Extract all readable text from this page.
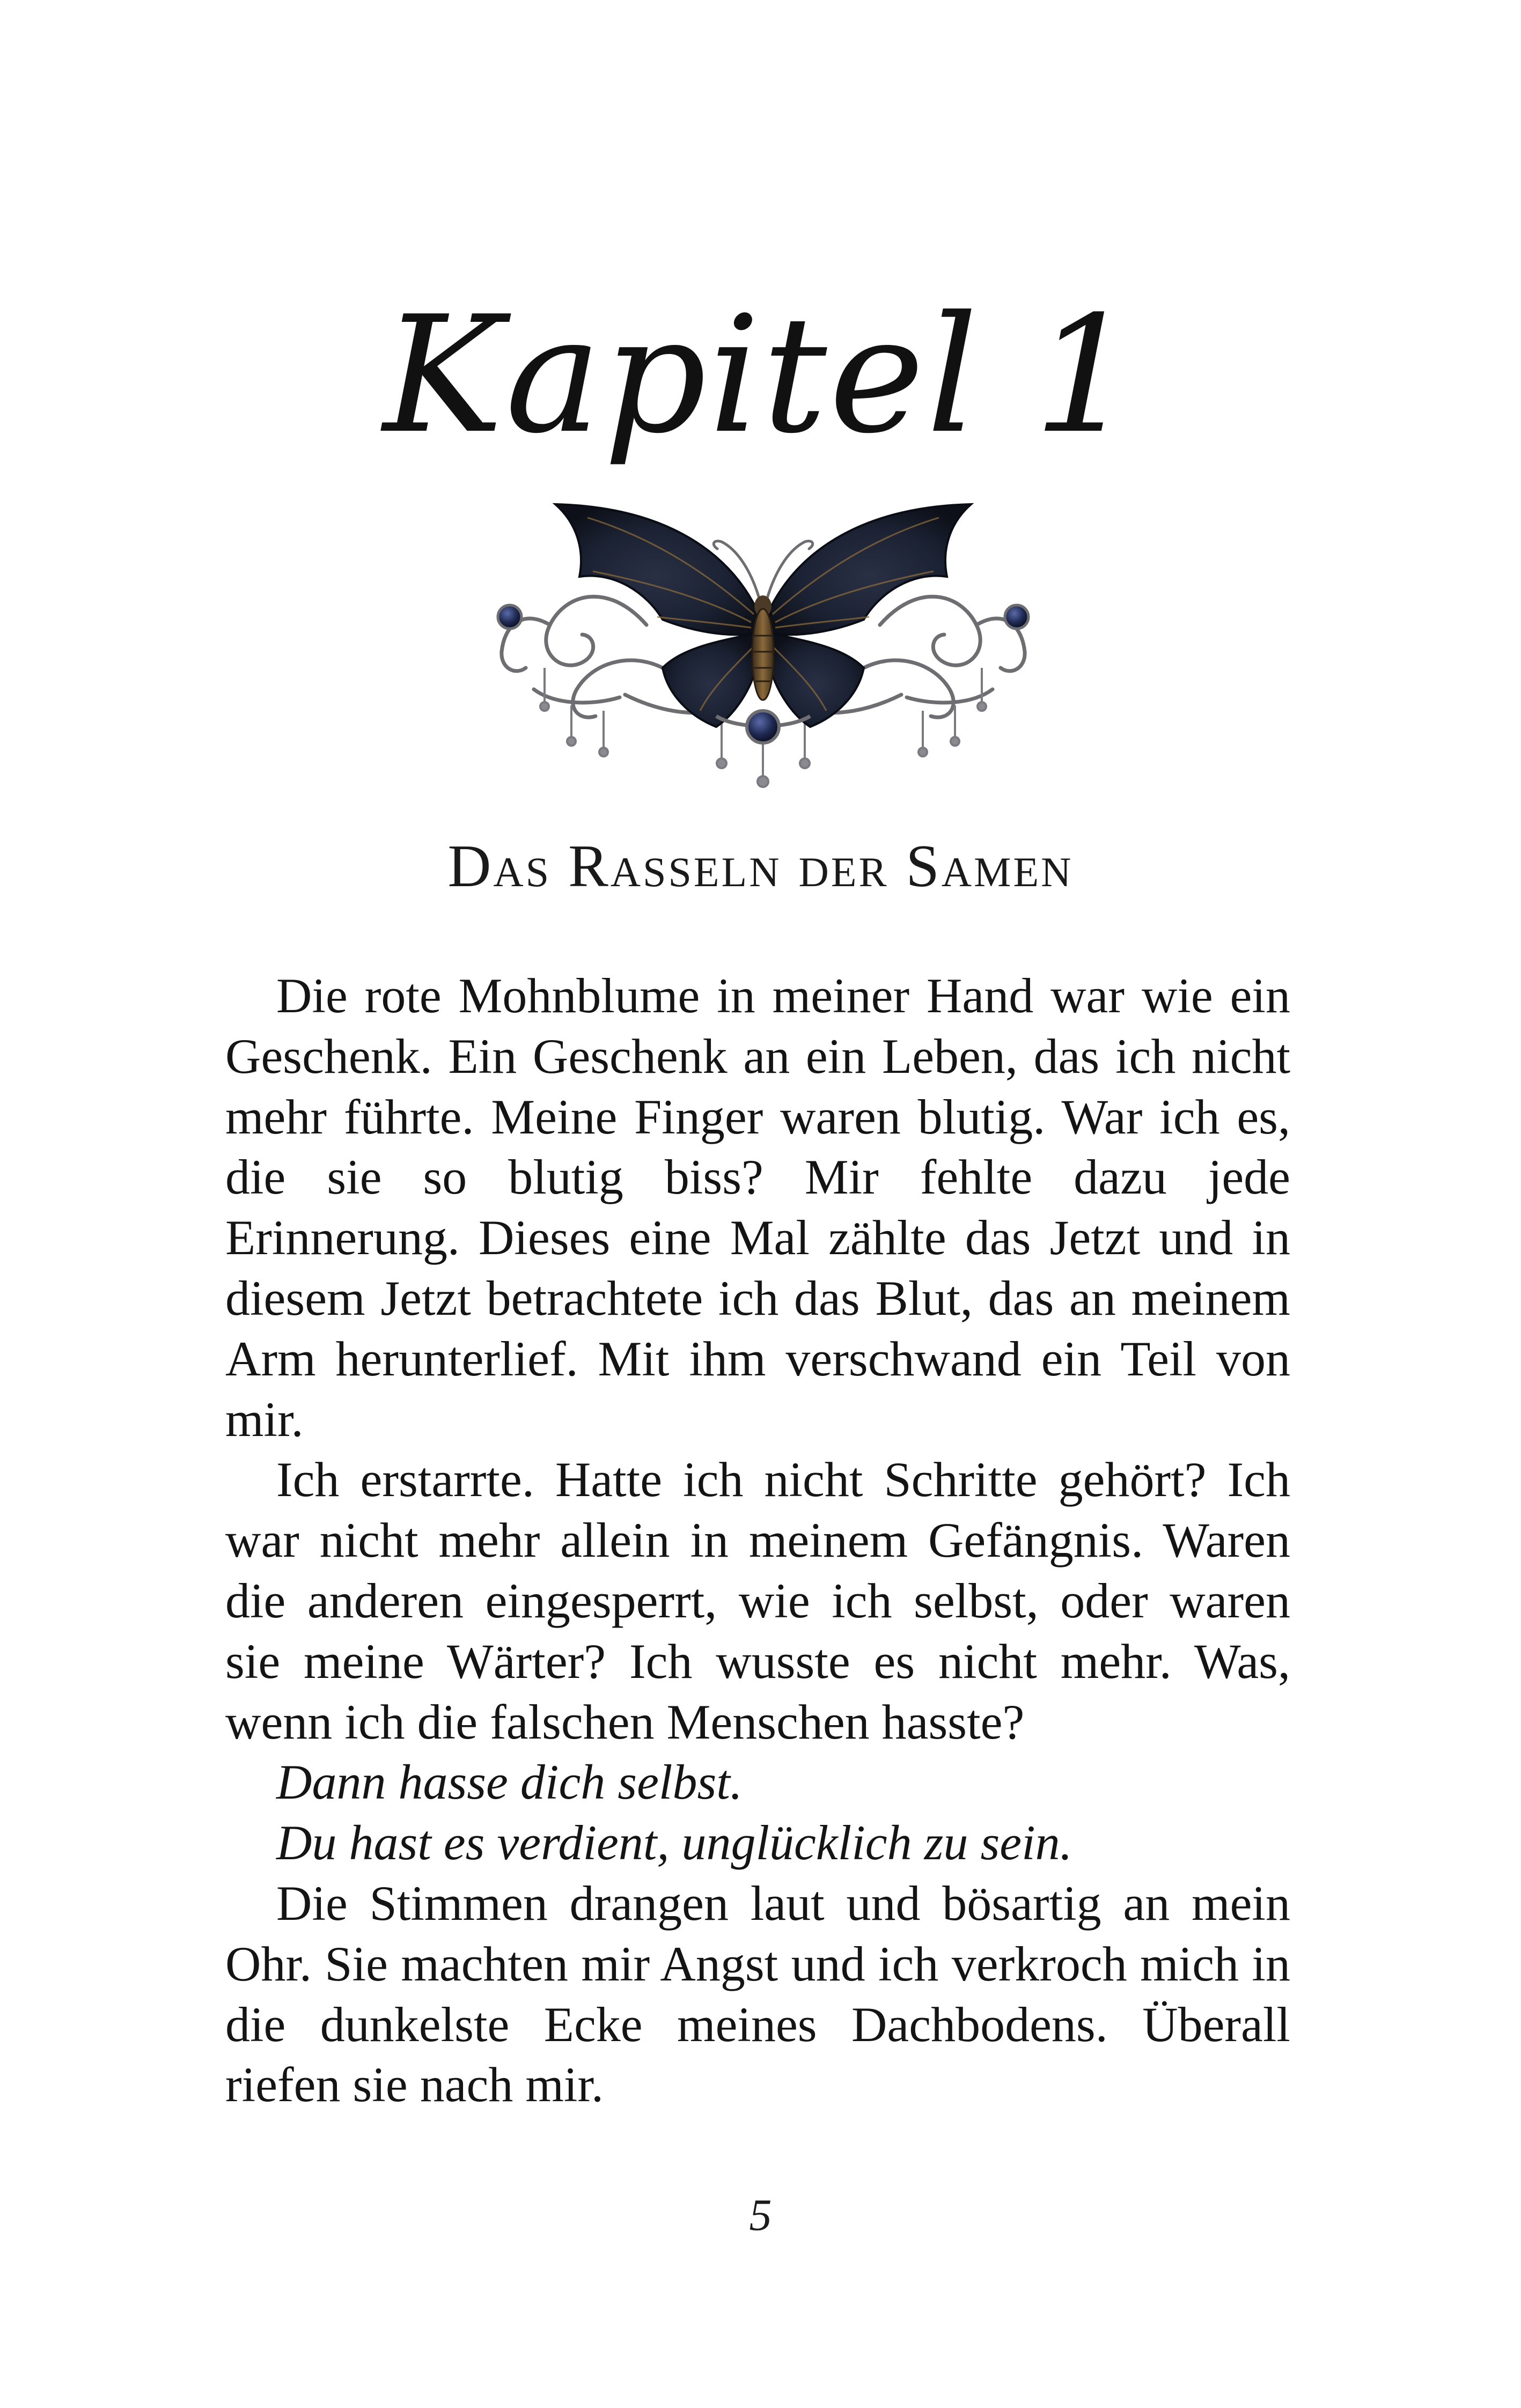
Kapitel 1
Das Rasseln der Samen

Die rote Mohnblume in meiner Hand war wie ein Geschenk. Ein Geschenk an ein Leben, das ich nicht mehr führte. Meine Finger waren blutig. War ich es, die sie so blutig biss? Mir fehlte dazu jede Erinnerung. Dieses eine Mal zählte das Jetzt und in diesem Jetzt betrachtete ich das Blut, das an meinem Arm herunterlief. Mit ihm verschwand ein Teil von mir.

Ich erstarrte. Hatte ich nicht Schritte gehört? Ich war nicht mehr allein in meinem Gefängnis. Waren die anderen eingesperrt, wie ich selbst, oder waren sie meine Wärter? Ich wusste es nicht mehr. Was, wenn ich die falschen Menschen hasste?

Dann hasse dich selbst.

Du hast es verdient, unglücklich zu sein.

Die Stimmen drangen laut und bösartig an mein Ohr. Sie machten mir Angst und ich verkroch mich in die dunkelste Ecke meines Dachbodens. Überall riefen sie nach mir.

5
